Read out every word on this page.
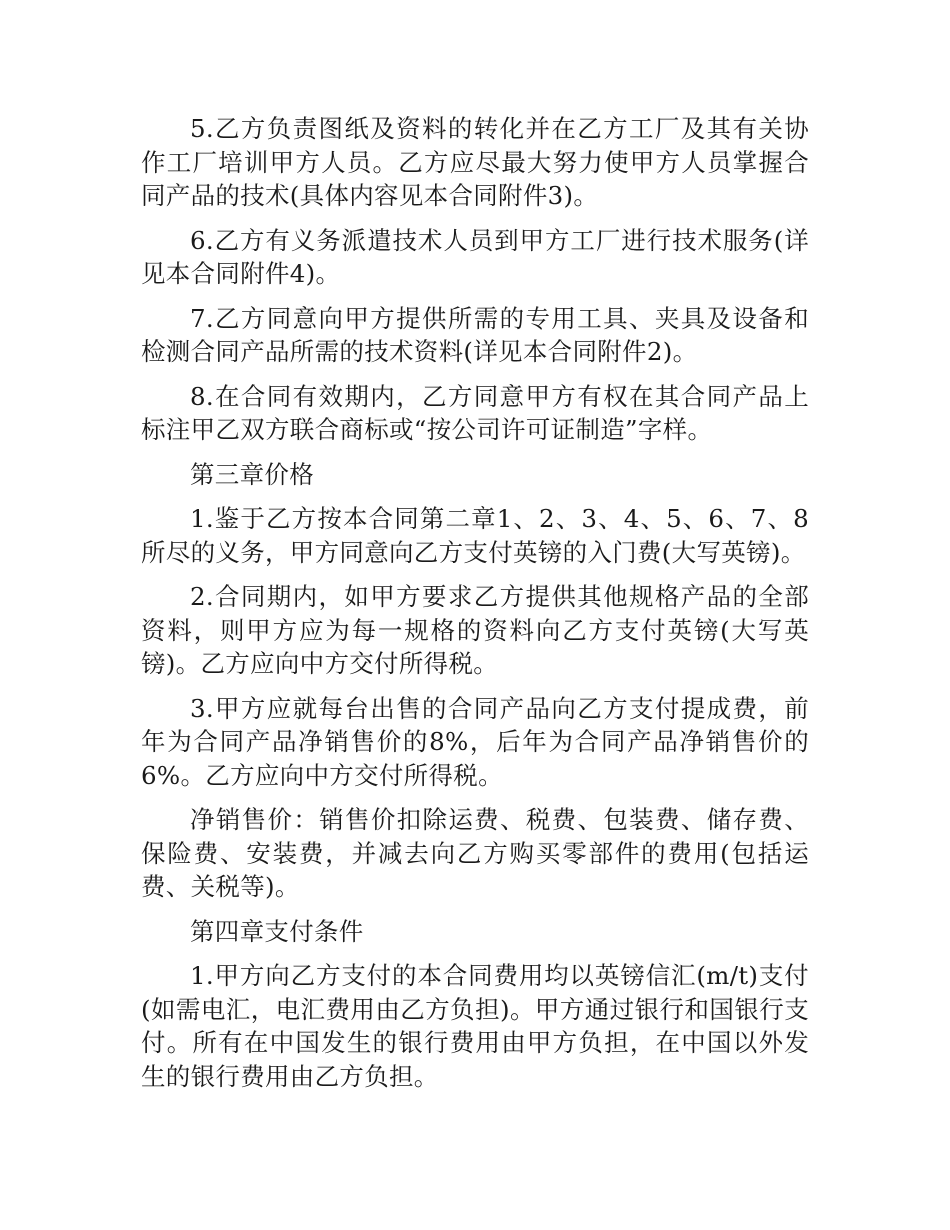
5.乙方负责图纸及资料的转化并在乙方工厂及其有关协作工厂培训甲方人员。乙方应尽最大努力使甲方人员掌握合同产品的技术(具体内容见本合同附件3)。

6.乙方有义务派遣技术人员到甲方工厂进行技术服务(详见本合同附件4)。

7.乙方同意向甲方提供所需的专用工具、夹具及设备和检测合同产品所需的技术资料(详见本合同附件2)。

8.在合同有效期内，乙方同意甲方有权在其合同产品上标注甲乙双方联合商标或“按公司许可证制造”字样。

第三章价格

1.鉴于乙方按本合同第二章1、2、3、4、5、6、7、8所尽的义务，甲方同意向乙方支付英镑的入门费(大写英镑)。

2.合同期内，如甲方要求乙方提供其他规格产品的全部资料，则甲方应为每一规格的资料向乙方支付英镑(大写英镑)。乙方应向中方交付所得税。

3.甲方应就每台出售的合同产品向乙方支付提成费，前年为合同产品净销售价的8%，后年为合同产品净销售价的6%。乙方应向中方交付所得税。

净销售价：销售价扣除运费、税费、包装费、储存费、保险费、安装费，并减去向乙方购买零部件的费用(包括运费、关税等)。

第四章支付条件

1.甲方向乙方支付的本合同费用均以英镑信汇(m/t)支付(如需电汇，电汇费用由乙方负担)。甲方通过银行和国银行支付。所有在中国发生的银行费用由甲方负担，在中国以外发生的银行费用由乙方负担。
